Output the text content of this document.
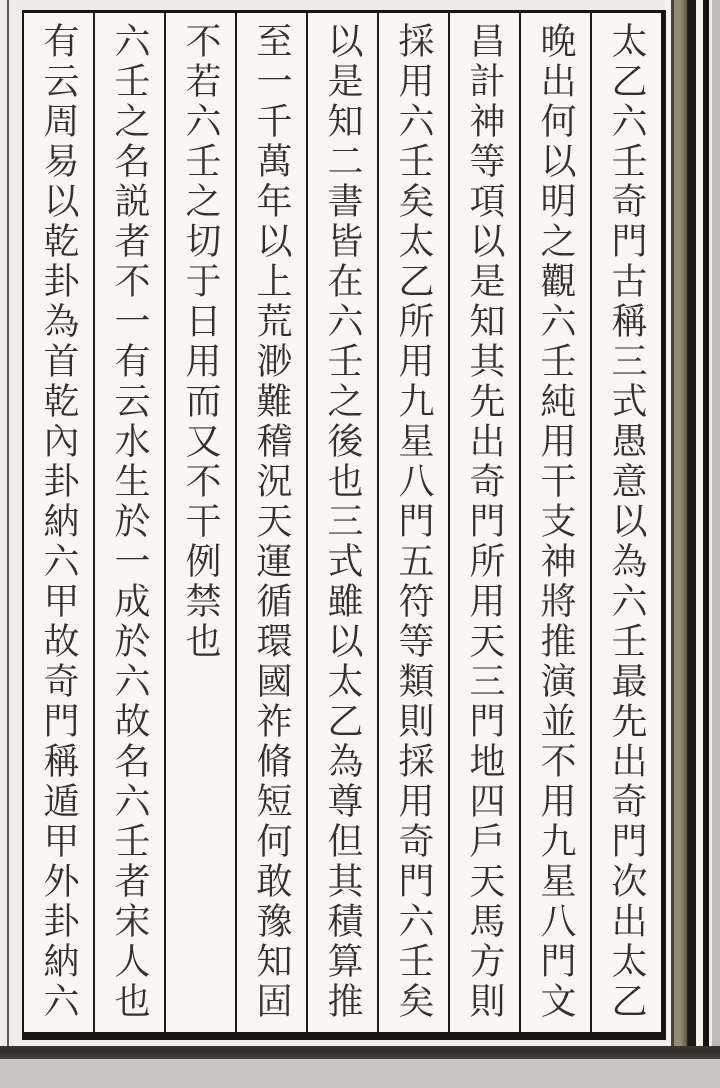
太乙六壬奇門古稱三式愚意以為六壬最先出奇門次出太乙
晚出何以明之觀六壬純用干支神將推演並不用九星八門文
昌計神等項以是知其先出奇門所用天三門地四戶天馬方則
採用六壬矣太乙所用九星八門五符等類則採用奇門六壬矣
以是知二書皆在六壬之後也三式雖以太乙為尊但其積算推
至一千萬年以上荒渺難稽況天運循環國祚脩短何敢豫知固
不若六壬之切于日用而又不干例禁也
六壬之名説者不一有云水生於一成於六故名六壬者宋人也
有云周易以乾卦為首乾內卦納六甲故奇門稱遁甲外卦納六
